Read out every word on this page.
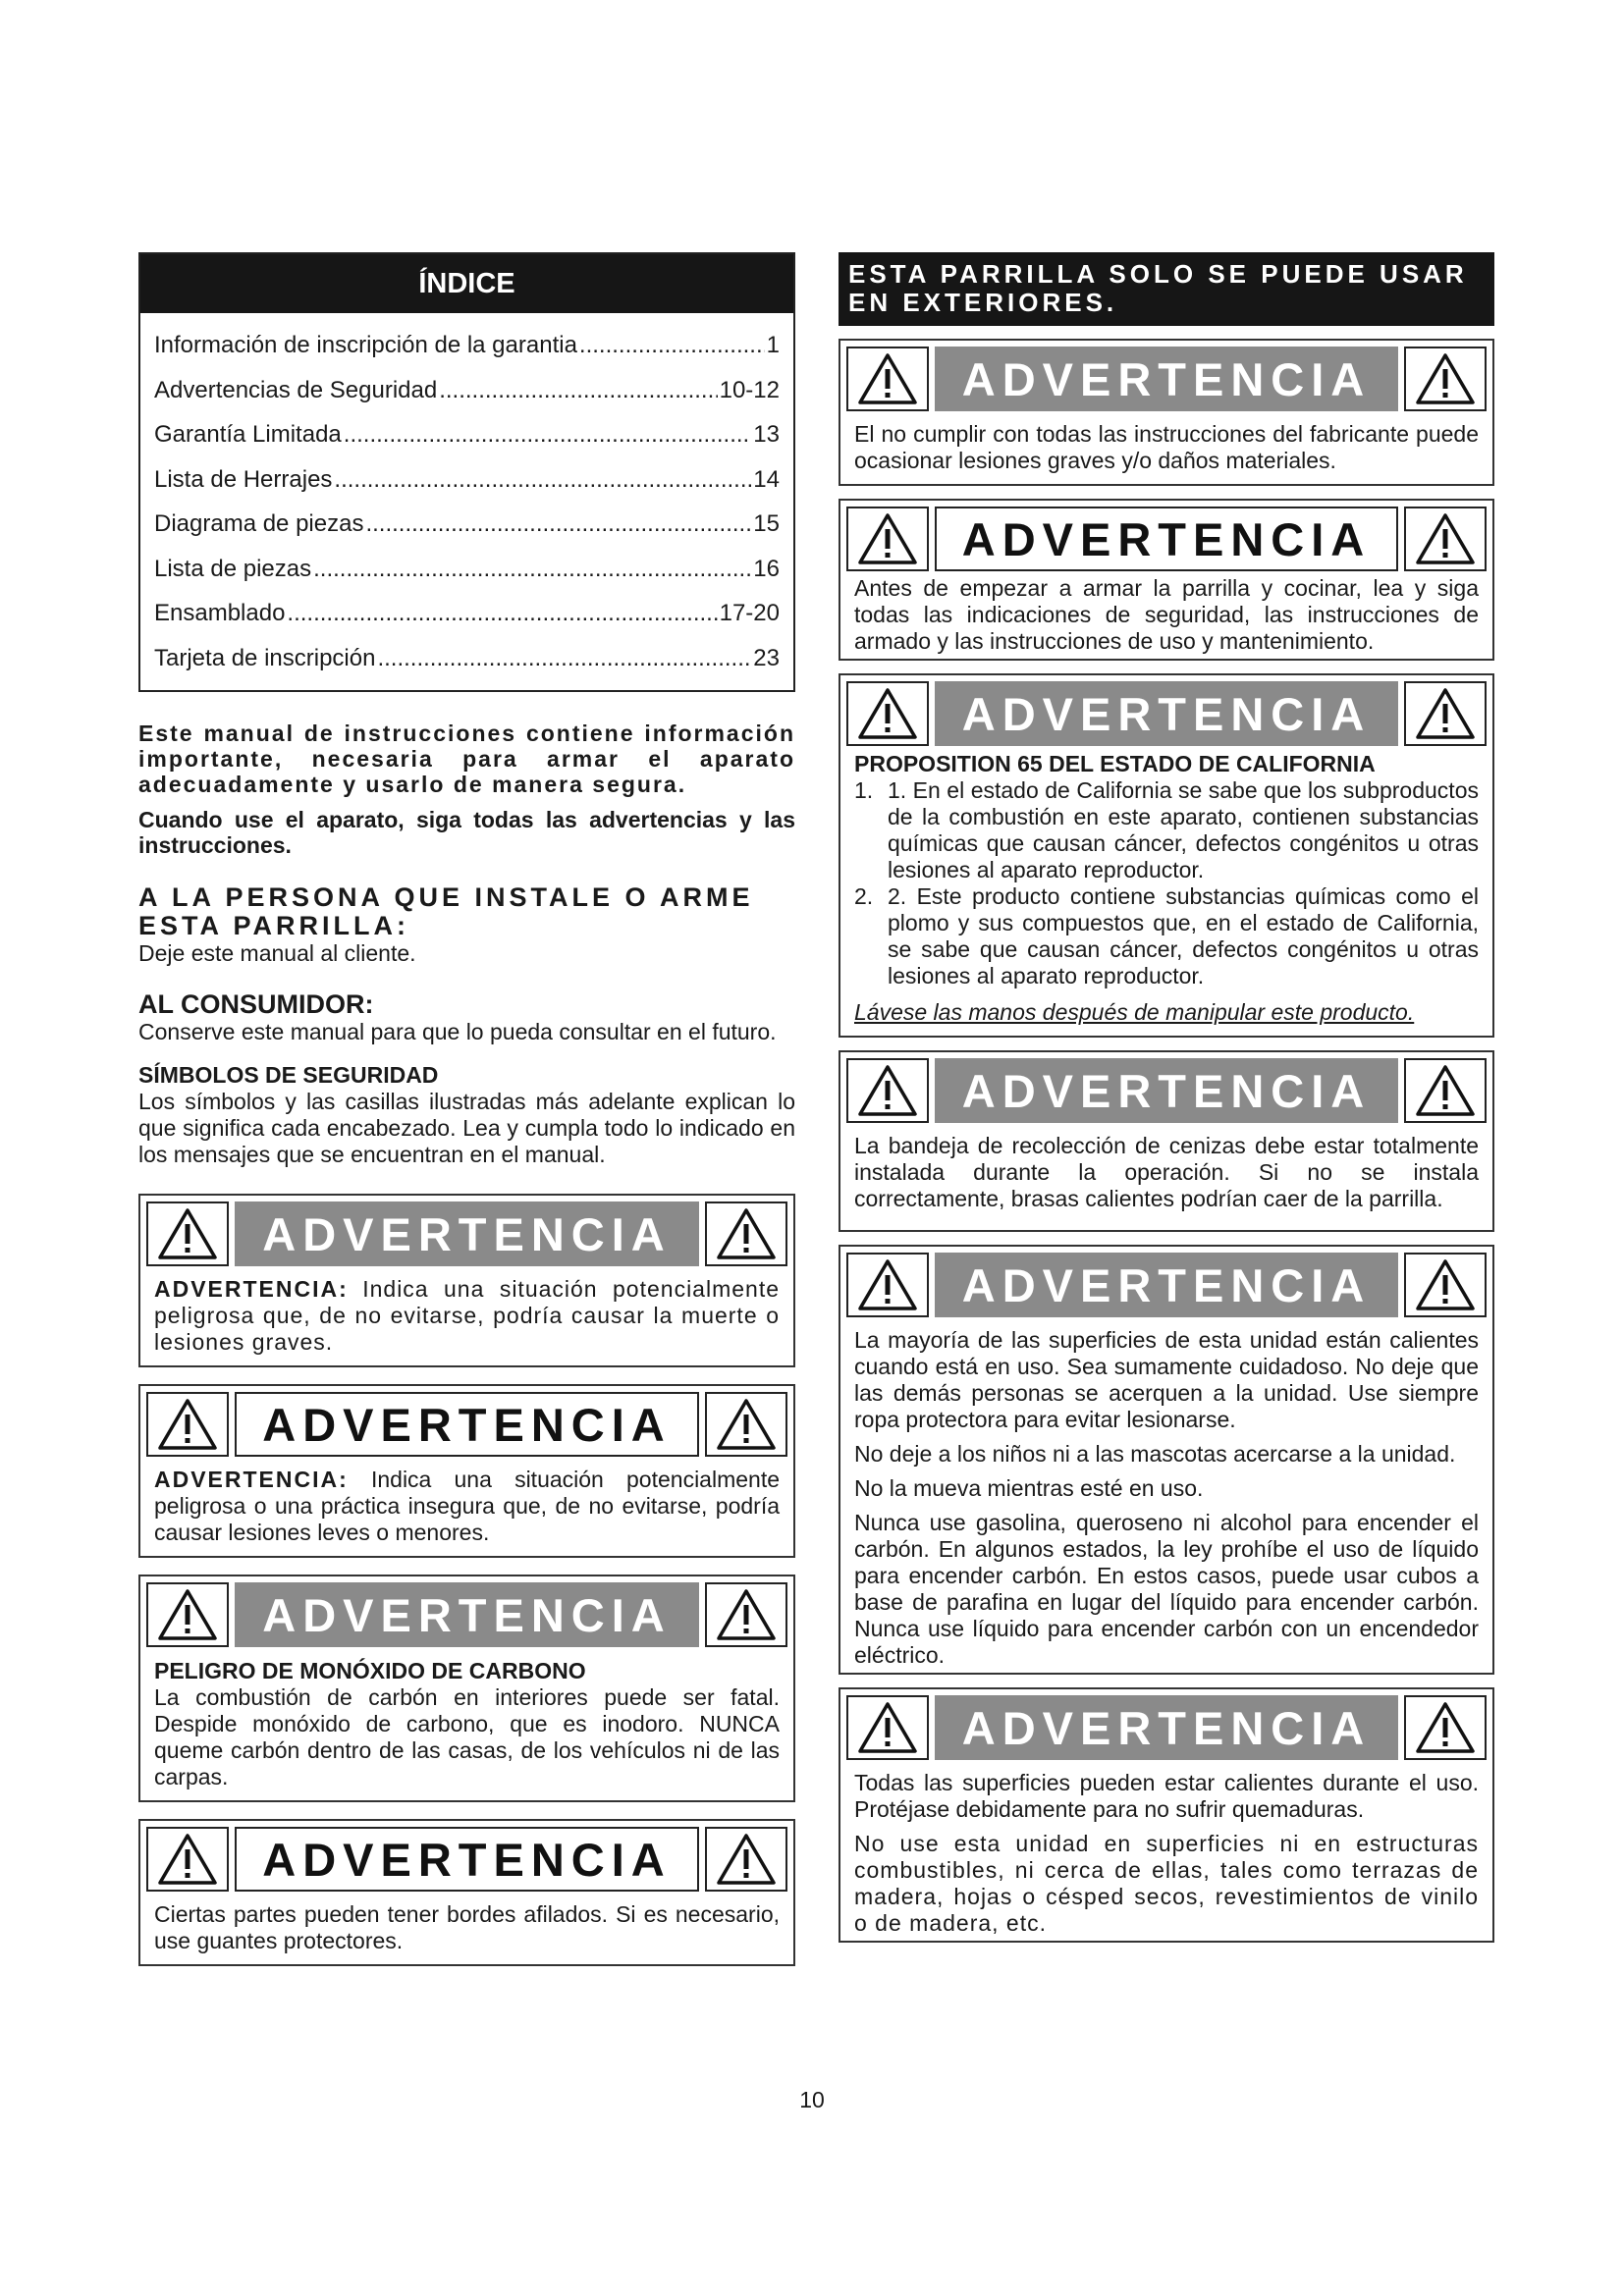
ÍNDICE
Información de inscripción de la garantia .....	1
Advertencias de Seguridad .....	10-12
Garantía Limitada .....	13
Lista de Herrajes .....	14
Diagrama de piezas .....	15
Lista de piezas .....	16
Ensamblado .....	17-20
Tarjeta de inscripción .....	23
Este manual de instrucciones contiene información importante, necesaria para armar el aparato adecuadamente y usarlo de manera segura.
Cuando use el aparato, siga todas las advertencias y las instrucciones.
A LA PERSONA QUE INSTALE O ARME ESTA PARRILLA:
Deje este manual al cliente.
AL CONSUMIDOR:
Conserve este manual para que lo pueda consultar en el futuro.
SÍMBOLOS DE SEGURIDAD
Los símbolos y las casillas ilustradas más adelante explican lo que significa cada encabezado. Lea y cumpla todo lo indicado en los mensajes que se encuentran en el manual.
ADVERTENCIA

ADVERTENCIA: Indica una situación potencialmente peligrosa que, de no evitarse, podría causar la muerte o lesiones graves.

ADVERTENCIA

ADVERTENCIA: Indica una situación potencialmente peligrosa o una práctica insegura que, de no evitarse, podría causar lesiones leves o menores.

ADVERTENCIA
PELIGRO DE MONÓXIDO DE CARBONO

La combustión de carbón en interiores puede ser fatal. Despide monóxido de carbono, que es inodoro. NUNCA queme carbón dentro de las casas, de los vehículos ni de las carpas.

ADVERTENCIA

Ciertas partes pueden tener bordes afilados. Si es necesario, use guantes protectores.

ESTA PARRILLA SOLO SE PUEDE USAR EN EXTERIORES.
ADVERTENCIA

El no cumplir con todas las instrucciones del fabricante puede ocasionar lesiones graves y/o daños materiales.

ADVERTENCIA

Antes de empezar a armar la parrilla y cocinar, lea y siga todas las indicaciones de seguridad, las instrucciones de armado y las instrucciones de uso y mantenimiento.

ADVERTENCIA
PROPOSITION 65 DEL ESTADO DE CALIFORNIA
1. 1. En el estado de California se sabe que los subproductos de la combustión en este aparato, contienen substancias químicas que causan cáncer, defectos congénitos u otras lesiones al aparato reproductor.
2. 2. Este producto contiene substancias químicas como el plomo y sus compuestos que, en el estado de California, se sabe que causan cáncer, defectos congénitos u otras lesiones al aparato reproductor.

Lávese las manos después de manipular este producto.

ADVERTENCIA

La bandeja de recolección de cenizas debe estar totalmente instalada durante la operación. Si no se instala correctamente, brasas calientes podrían caer de la parrilla.

ADVERTENCIA

La mayoría de las superficies de esta unidad están calientes cuando está en uso. Sea sumamente cuidadoso. No deje que las demás personas se acerquen a la unidad. Use siempre ropa protectora para evitar lesionarse.

No deje a los niños ni a las mascotas acercarse a la unidad.

No la mueva mientras esté en uso.

Nunca use gasolina, queroseno ni alcohol para encender el carbón. En algunos estados, la ley prohíbe el uso de líquido para encender carbón. En estos casos, puede usar cubos a base de parafina en lugar del líquido para encender carbón. Nunca use líquido para encender carbón con un encendedor eléctrico.

ADVERTENCIA

Todas las superficies pueden estar calientes durante el uso. Protéjase debidamente para no sufrir quemaduras.

No use esta unidad en superficies ni en estructuras combustibles, ni cerca de ellas, tales como terrazas de madera, hojas o césped secos, revestimientos de vinilo o de madera, etc.

10
